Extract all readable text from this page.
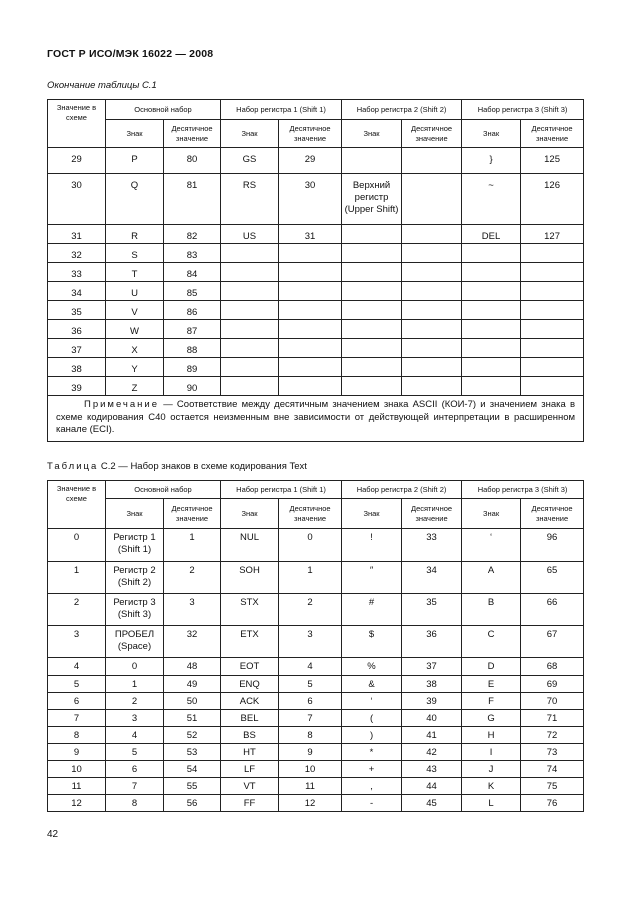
ГОСТ Р ИСО/МЭК 16022 — 2008
Окончание таблицы С.1
Значение в схеме	Основной набор		Набор регистра 1 (Shift 1)		Набор регистра 2 (Shift 2)		Набор регистра 3 (Shift 3)	
	Знак	Десятичное значение	Знак	Десятичное значение	Знак	Десятичное значение	Знак	Десятичное значение
29	P	80	GS	29			}	125
30	Q	81	RS	30	Верхний регистр (Upper Shift)		~	126
31	R	82	US	31			DEL	127
32	S	83						
33	T	84						
34	U	85						
35	V	86						
36	W	87						
37	X	88						
38	Y	89						
39	Z	90						
Примечание — Соответствие между десятичным значением знака ASCII (КОИ-7) и значением знака в схеме кодирования C40 остается неизменным вне зависимости от действующей интерпретации в расширенном канале (ECI).								
Таблица С.2 — Набор знаков в схеме кодирования Text
Значение в схеме	Основной набор		Набор регистра 1 (Shift 1)		Набор регистра 2 (Shift 2)		Набор регистра 3 (Shift 3)	
	Знак	Десятичное значение	Знак	Десятичное значение	Знак	Десятичное значение	Знак	Десятичное значение
0	Регистр 1 (Shift 1)	1	NUL	0	!	33	‘	96
1	Регистр 2 (Shift 2)	2	SOH	1	″	34	A	65
2	Регистр 3 (Shift 3)	3	STX	2	#	35	B	66
3	ПРОБЕЛ (Space)	32	ETX	3	$	36	C	67
4	0	48	EOT	4	%	37	D	68
5	1	49	ENQ	5	&	38	E	69
6	2	50	ACK	6	‘	39	F	70
7	3	51	BEL	7	(	40	G	71
8	4	52	BS	8	)	41	H	72
9	5	53	HT	9	*	42	I	73
10	6	54	LF	10	+	43	J	74
11	7	55	VT	11	,	44	K	75
12	8	56	FF	12	-	45	L	76
42
